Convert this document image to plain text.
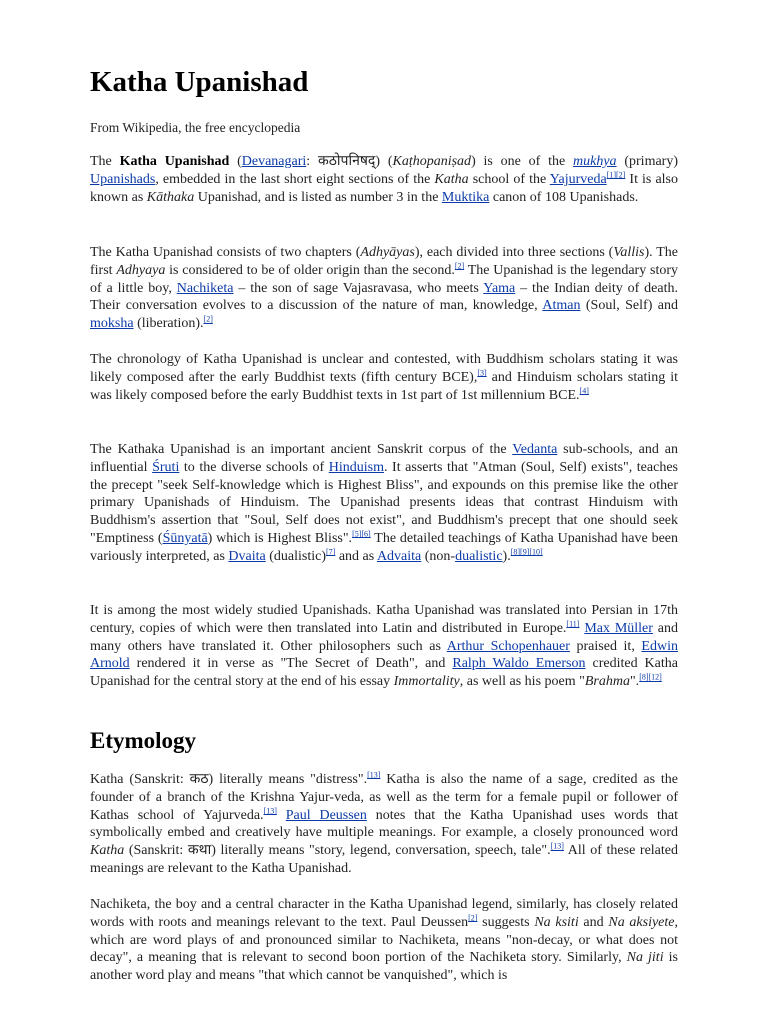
Katha Upanishad

From Wikipedia, the free encyclopedia

The Katha Upanishad (Devanagari: कठोपनिषद्) (Kaṭhopaniṣad) is one of the mukhya (primary) Upanishads, embedded in the last short eight sections of the Katha school of the Yajurveda[1][2] It is also known as Kāthaka Upanishad, and is listed as number 3 in the Muktika canon of 108 Upanishads.

The Katha Upanishad consists of two chapters (Adhyāyas), each divided into three sections (Vallis). The first Adhyaya is considered to be of older origin than the second.[2] The Upanishad is the legendary story of a little boy, Nachiketa – the son of sage Vajasravasa, who meets Yama – the Indian deity of death. Their conversation evolves to a discussion of the nature of man, knowledge, Atman (Soul, Self) and moksha (liberation).[2]

The chronology of Katha Upanishad is unclear and contested, with Buddhism scholars stating it was likely composed after the early Buddhist texts (fifth century BCE),[3] and Hinduism scholars stating it was likely composed before the early Buddhist texts in 1st part of 1st millennium BCE.[4]

The Kathaka Upanishad is an important ancient Sanskrit corpus of the Vedanta sub-schools, and an influential Śruti to the diverse schools of Hinduism. It asserts that "Atman (Soul, Self) exists", teaches the precept "seek Self-knowledge which is Highest Bliss", and expounds on this premise like the other primary Upanishads of Hinduism. The Upanishad presents ideas that contrast Hinduism with Buddhism's assertion that "Soul, Self does not exist", and Buddhism's precept that one should seek "Emptiness (Śūnyatā) which is Highest Bliss".[5][6] The detailed teachings of Katha Upanishad have been variously interpreted, as Dvaita (dualistic)[7] and as Advaita (non-dualistic).[8][9][10]

It is among the most widely studied Upanishads. Katha Upanishad was translated into Persian in 17th century, copies of which were then translated into Latin and distributed in Europe.[11] Max Müller and many others have translated it. Other philosophers such as Arthur Schopenhauer praised it, Edwin Arnold rendered it in verse as "The Secret of Death", and Ralph Waldo Emerson credited Katha Upanishad for the central story at the end of his essay Immortality, as well as his poem "Brahma".[8][12]

Etymology

Katha (Sanskrit: कठ) literally means "distress".[13] Katha is also the name of a sage, credited as the founder of a branch of the Krishna Yajur-veda, as well as the term for a female pupil or follower of Kathas school of Yajurveda.[13] Paul Deussen notes that the Katha Upanishad uses words that symbolically embed and creatively have multiple meanings. For example, a closely pronounced word Katha (Sanskrit: कथा) literally means "story, legend, conversation, speech, tale".[13] All of these related meanings are relevant to the Katha Upanishad.

Nachiketa, the boy and a central character in the Katha Upanishad legend, similarly, has closely related words with roots and meanings relevant to the text. Paul Deussen[2] suggests Na ksiti and Na aksiyete, which are word plays of and pronounced similar to Nachiketa, means "non-decay, or what does not decay", a meaning that is relevant to second boon portion of the Nachiketa story. Similarly, Na jiti is another word play and means "that which cannot be vanquished", which is
